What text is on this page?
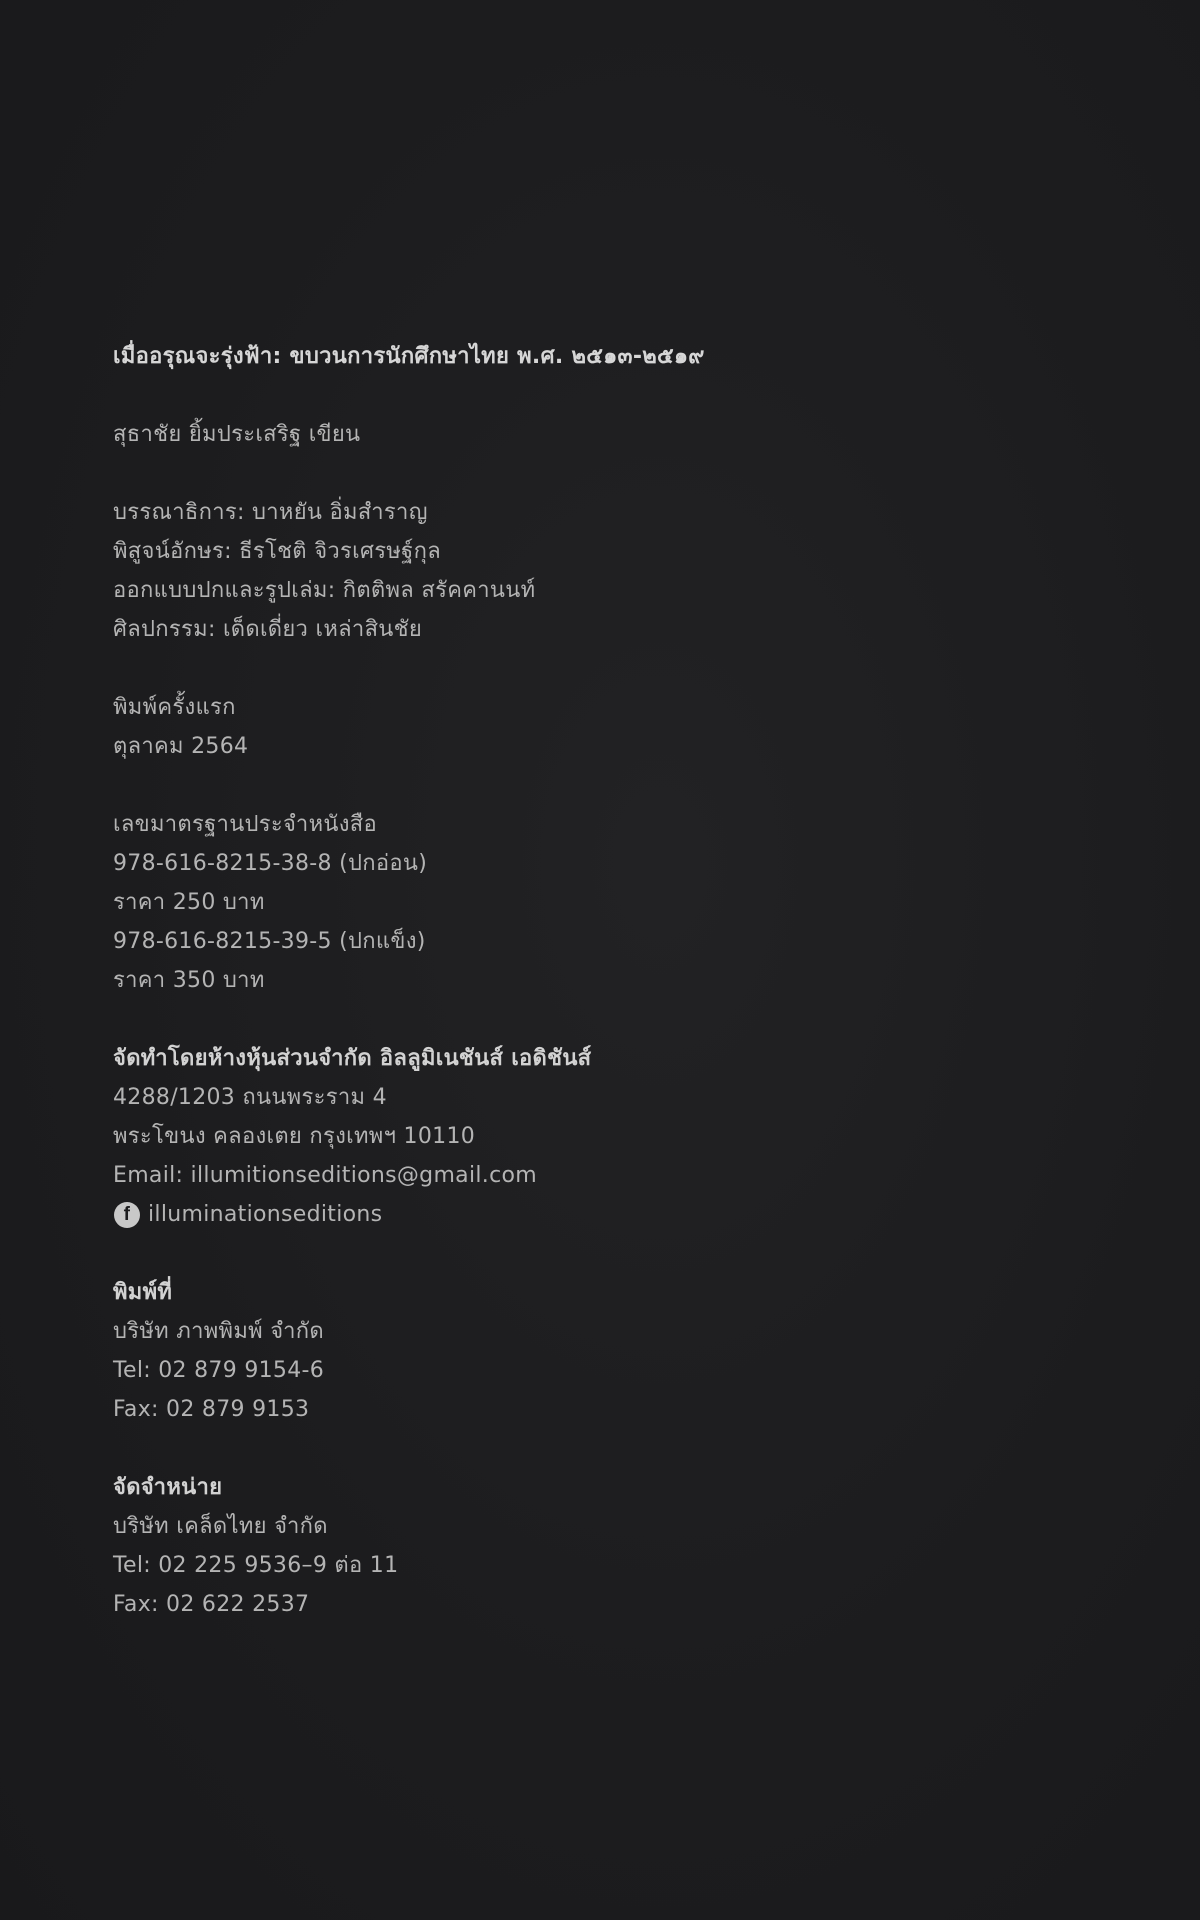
เมื่ออรุณจะรุ่งฟ้า: ขบวนการนักศึกษาไทย พ.ศ. ๒๕๑๓-๒๕๑๙
สุธาชัย ยิ้มประเสริฐ เขียน
บรรณาธิการ: บาหยัน อิ่มสำราญ
พิสูจน์อักษร: ธีรโชติ จิวรเศรษฐ์กุล
ออกแบบปกและรูปเล่ม: กิตติพล สรัคคานนท์
ศิลปกรรม: เด็ดเดี่ยว เหล่าสินชัย
พิมพ์ครั้งแรก
ตุลาคม 2564
เลขมาตรฐานประจำหนังสือ
978-616-8215-38-8 (ปกอ่อน)
ราคา 250 บาท
978-616-8215-39-5 (ปกแข็ง)
ราคา 350 บาท
จัดทำโดยห้างหุ้นส่วนจำกัด อิลลูมิเนชันส์ เอดิชันส์
4288/1203 ถนนพระราม 4
พระโขนง คลองเตย กรุงเทพฯ 10110
Email: illumitionseditions@gmail.com
f illuminationseditions
พิมพ์ที่
บริษัท ภาพพิมพ์ จำกัด
Tel: 02 879 9154-6
Fax: 02 879 9153
จัดจำหน่าย
บริษัท เคล็ดไทย จำกัด
Tel: 02 225 9536–9 ต่อ 11
Fax: 02 622 2537
